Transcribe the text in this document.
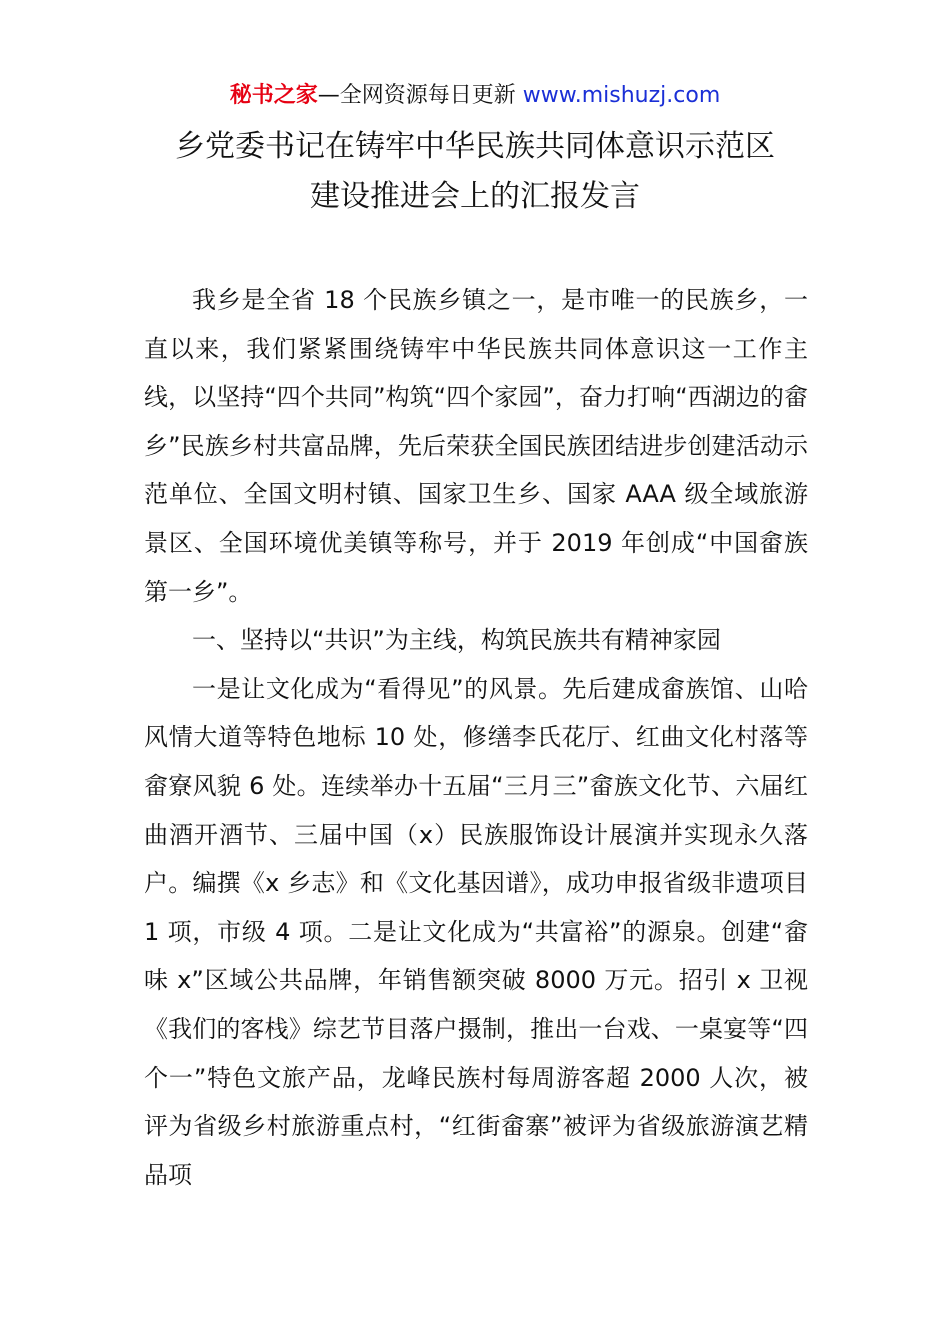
秘书之家—全网资源每日更新 www.mishuzj.com
乡党委书记在铸牢中华民族共同体意识示范区
建设推进会上的汇报发言

我乡是全省 18 个民族乡镇之一，是市唯一的民族乡，一直以来，我们紧紧围绕铸牢中华民族共同体意识这一工作主线，以坚持“四个共同”构筑“四个家园”，奋力打响“西湖边的畲乡”民族乡村共富品牌，先后荣获全国民族团结进步创建活动示范单位、全国文明村镇、国家卫生乡、国家 AAA 级全域旅游景区、全国环境优美镇等称号，并于 2019 年创成“中国畲族第一乡”。

一、坚持以“共识”为主线，构筑民族共有精神家园

一是让文化成为“看得见”的风景。先后建成畲族馆、山哈风情大道等特色地标 10 处，修缮李氏花厅、红曲文化村落等畲寮风貌 6 处。连续举办十五届“三月三”畲族文化节、六届红曲酒开酒节、三届中国（x）民族服饰设计展演并实现永久落户。编撰《x 乡志》和《文化基因谱》，成功申报省级非遗项目 1 项，市级 4 项。二是让文化成为“共富裕”的源泉。创建“畲味 x”区域公共品牌，年销售额突破 8000 万元。招引 x 卫视《我们的客栈》综艺节目落户摄制，推出一台戏、一桌宴等“四个一”特色文旅产品，龙峰民族村每周游客超 2000 人次，被评为省级乡村旅游重点村，“红街畲寨”被评为省级旅游演艺精品项
